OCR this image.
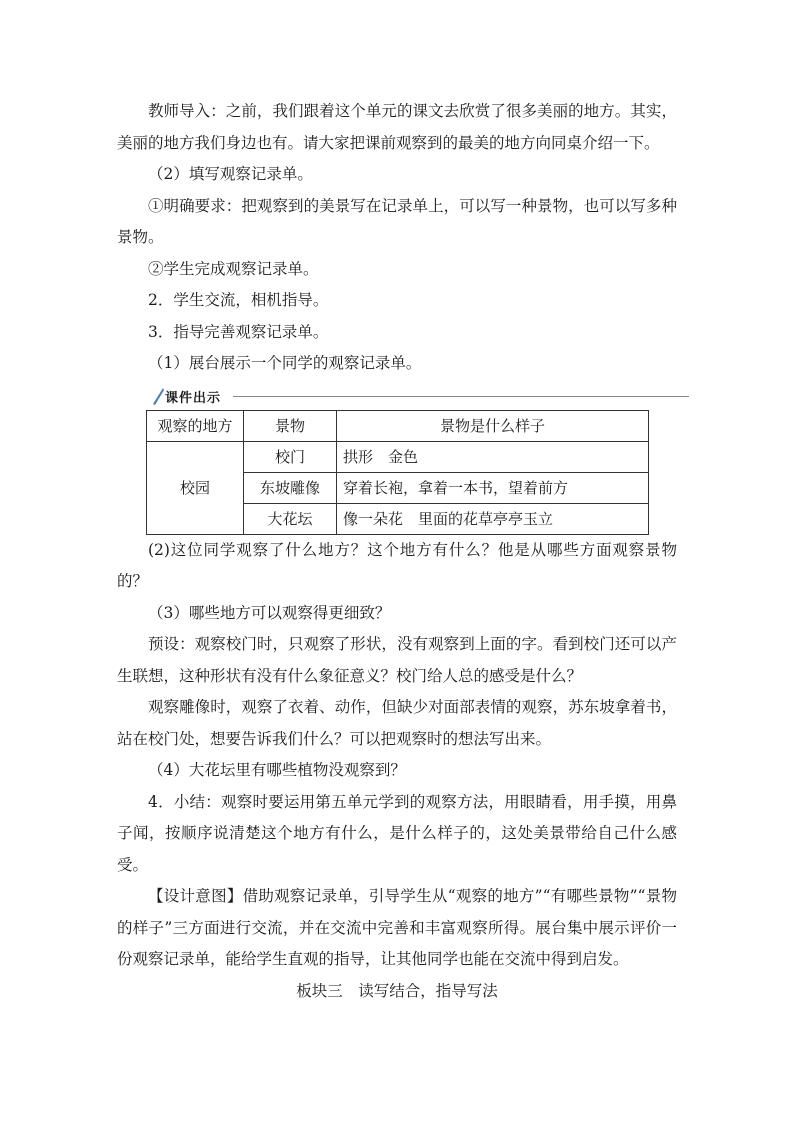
教师导入：之前，我们跟着这个单元的课文去欣赏了很多美丽的地方。其实，美丽的地方我们身边也有。请大家把课前观察到的最美的地方向同桌介绍一下。

（2）填写观察记录单。

①明确要求：把观察到的美景写在记录单上，可以写一种景物，也可以写多种景物。

②学生完成观察记录单。

2．学生交流，相机指导。

3．指导完善观察记录单。

（1）展台展示一个同学的观察记录单。

课件出示
观察的地方	景物	景物是什么样子
校园	校门	拱形　金色
	东坡雕像	穿着长袍，拿着一本书，望着前方
	大花坛	像一朵花　里面的花草亭亭玉立

(2)这位同学观察了什么地方？这个地方有什么？他是从哪些方面观察景物的？

（3）哪些地方可以观察得更细致？

预设：观察校门时，只观察了形状，没有观察到上面的字。看到校门还可以产生联想，这种形状有没有什么象征意义？校门给人总的感受是什么？

观察雕像时，观察了衣着、动作，但缺少对面部表情的观察，苏东坡拿着书，站在校门处，想要告诉我们什么？可以把观察时的想法写出来。

（4）大花坛里有哪些植物没观察到？

4．小结：观察时要运用第五单元学到的观察方法，用眼睛看，用手摸，用鼻子闻，按顺序说清楚这个地方有什么，是什么样子的，这处美景带给自己什么感受。

【设计意图】借助观察记录单，引导学生从“观察的地方”“有哪些景物”“景物的样子”三方面进行交流，并在交流中完善和丰富观察所得。展台集中展示评价一份观察记录单，能给学生直观的指导，让其他同学也能在交流中得到启发。

板块三　读写结合，指导写法
